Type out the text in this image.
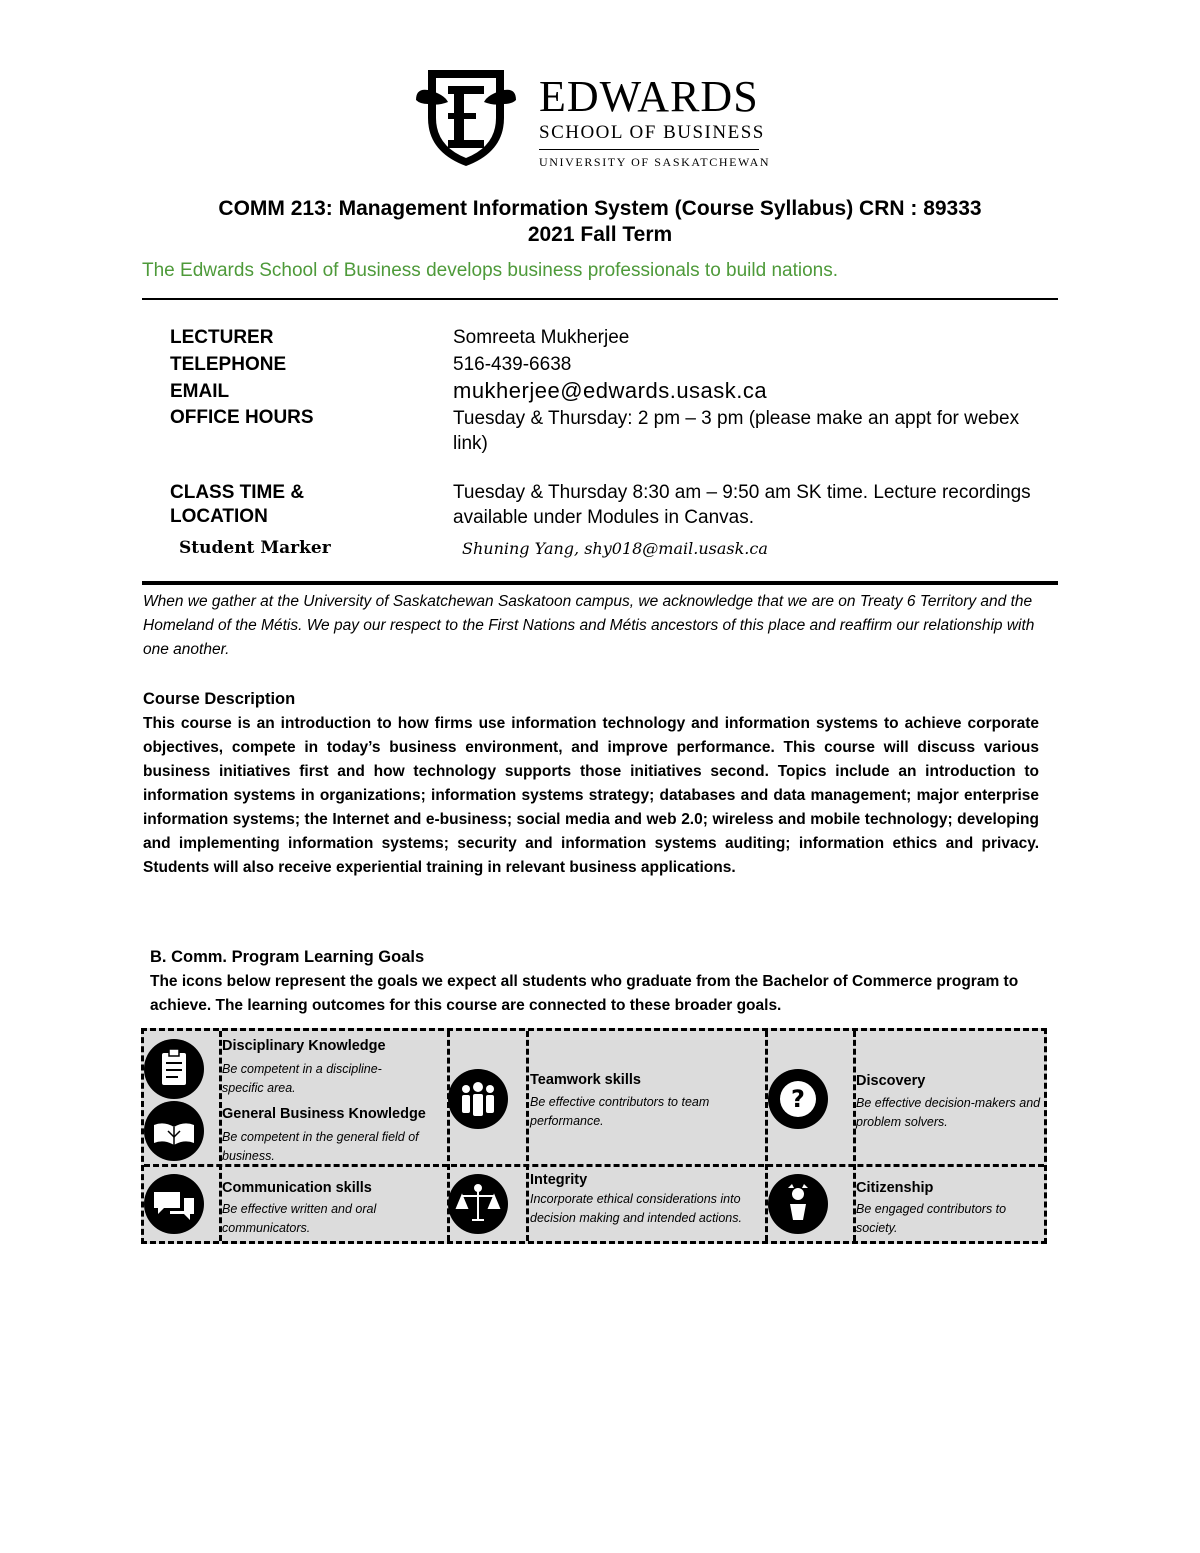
EDWARDS
SCHOOL OF BUSINESS
UNIVERSITY OF SASKATCHEWAN
COMM 213: Management Information System (Course Syllabus) CRN : 89333
2021 Fall Term
The Edwards School of Business develops business professionals to build nations.
LECTURER	Somreeta Mukherjee
TELEPHONE	516-439-6638
EMAIL	mukherjee@edwards.usask.ca
OFFICE HOURS	Tuesday & Thursday: 2 pm – 3 pm (please make an appt for webex link)
CLASS TIME &
LOCATION
Tuesday & Thursday 8:30 am – 9:50 am SK time. Lecture recordings available under Modules in Canvas.
Student Marker	Shuning Yang, shy018@mail.usask.ca
When we gather at the University of Saskatchewan Saskatoon campus, we acknowledge that we are on Treaty 6 Territory and the Homeland of the Métis. We pay our respect to the First Nations and Métis ancestors of this place and reaffirm our relationship with one another.
Course Description
This course is an introduction to how firms use information technology and information systems to achieve corporate objectives, compete in today’s business environment, and improve performance. This course will discuss various business initiatives first and how technology supports those initiatives second. Topics include an introduction to information systems in organizations; information systems strategy; databases and data management; major enterprise information systems; the Internet and e-business; social media and web 2.0; wireless and mobile technology; developing and implementing information systems; security and information systems auditing; information ethics and privacy. Students will also receive experiential training in relevant business applications.
B. Comm. Program Learning Goals
The icons below represent the goals we expect all students who graduate from the Bachelor of Commerce program to achieve. The learning outcomes for this course are connected to these broader goals.
Disciplinary Knowledge
Be competent in a discipline-specific area.
General Business Knowledge
Be competent in the general field of business.
Teamwork skills
Be effective contributors to team performance.
?
Discovery
Be effective decision-makers and problem solvers.
Communication skills
Be effective written and oral communicators.
Integrity
Incorporate ethical considerations into decision making and intended actions.
Citizenship
Be engaged contributors to society.
